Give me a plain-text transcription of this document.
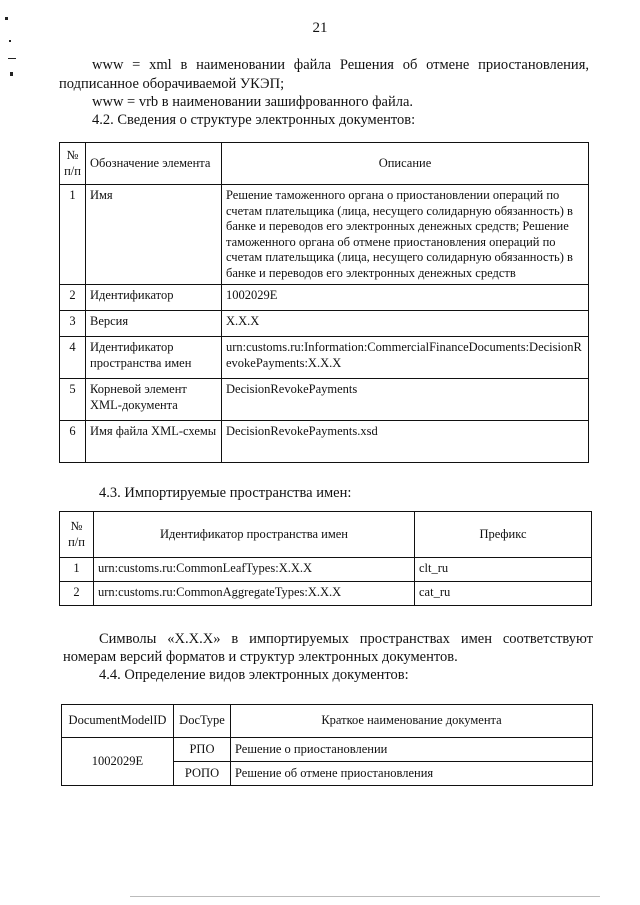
21
www = xml в наименовании файла Решения об отмене приостановления,
подписанное оборачиваемой УКЭП;
www = vrb в наименовании зашифрованного файла.
4.2. Сведения о структуре электронных документов:
№ п/п	Обозначение элемента	Описание
1	Имя	Решение таможенного органа о приостановлении операций по счетам плательщика (лица, несущего солидарную обязанность) в банке и переводов его электронных денежных средств; Решение таможенного органа об отмене приостановления операций по счетам плательщика (лица, несущего солидарную обязанность) в банке и переводов его электронных денежных средств
2	Идентификатор	1002029E
3	Версия	X.X.X
4	Идентификатор пространства имен	urn:customs.ru:Information:CommercialFinanceDocuments:DecisionRevokePayments:X.X.X
5	Корневой элемент XML-документа	DecisionRevokePayments
6	Имя файла XML-схемы	DecisionRevokePayments.xsd
4.3. Импортируемые пространства имен:
№ п/п	Идентификатор пространства имен	Префикс
1	urn:customs.ru:CommonLeafTypes:X.X.X	clt_ru
2	urn:customs.ru:CommonAggregateTypes:X.X.X	cat_ru
Символы «X.X.X» в импортируемых пространствах имен соответствуют
номерам версий форматов и структур электронных документов.
4.4. Определение видов электронных документов:
DocumentModelID	DocType	Краткое наименование документа
1002029E	РПО	Решение о приостановлении
	РОПО	Решение об отмене приостановления
